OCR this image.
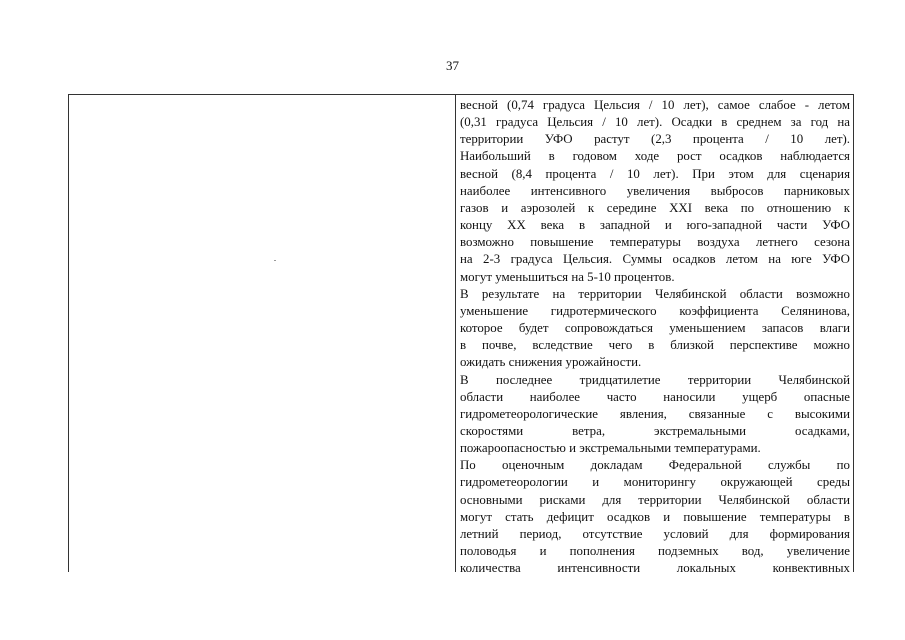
37

весной (0,74 градуса Цельсия / 10 лет), самое слабое - летом
(0,31 градуса Цельсия / 10 лет). Осадки в среднем за год на
территории УФО растут (2,3 процента / 10 лет).
Наибольший в годовом ходе рост осадков наблюдается
весной (8,4 процента / 10 лет). При этом для сценария
наиболее интенсивного увеличения выбросов парниковых
газов и аэрозолей к середине XXI века по отношению к
концу XX века в западной и юго-западной части УФО
возможно повышение температуры воздуха летнего сезона
на 2-3 градуса Цельсия. Суммы осадков летом на юге УФО
могут уменьшиться на 5-10 процентов.

В результате на территории Челябинской области возможно
уменьшение гидротермического коэффициента Селянинова,
которое будет сопровождаться уменьшением запасов влаги
в почве, вследствие чего в близкой перспективе можно
ожидать снижения урожайности.

В последнее тридцатилетие территории Челябинской
области наиболее часто наносили ущерб опасные
гидрометеорологические явления, связанные с высокими
скоростями ветра, экстремальными осадками,
пожароопасностью и экстремальными температурами.

По оценочным докладам Федеральной службы по
гидрометеорологии и мониторингу окружающей среды
основными рисками для территории Челябинской области
могут стать дефицит осадков и повышение температуры в
летний период, отсутствие условий для формирования
половодья и пополнения подземных вод, увеличение
количества интенсивности локальных конвективных
